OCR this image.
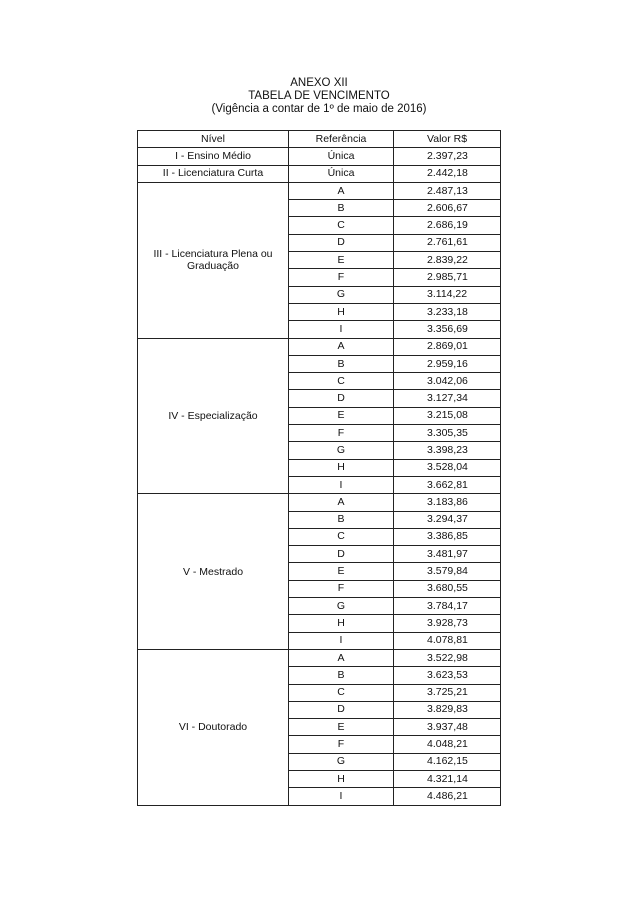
ANEXO XII
TABELA DE VENCIMENTO
(Vigência a contar de 1º de maio de 2016)
Nível	Referência	Valor R$
I - Ensino Médio	Única	2.397,23
II - Licenciatura Curta	Única	2.442,18
III - Licenciatura Plena ou Graduação	A	2.487,13
	B	2.606,67
	C	2.686,19
	D	2.761,61
	E	2.839,22
	F	2.985,71
	G	3.114,22
	H	3.233,18
	I	3.356,69
IV - Especialização	A	2.869,01
	B	2.959,16
	C	3.042,06
	D	3.127,34
	E	3.215,08
	F	3.305,35
	G	3.398,23
	H	3.528,04
	I	3.662,81
V - Mestrado	A	3.183,86
	B	3.294,37
	C	3.386,85
	D	3.481,97
	E	3.579,84
	F	3.680,55
	G	3.784,17
	H	3.928,73
	I	4.078,81
VI - Doutorado	A	3.522,98
	B	3.623,53
	C	3.725,21
	D	3.829,83
	E	3.937,48
	F	4.048,21
	G	4.162,15
	H	4.321,14
	I	4.486,21
